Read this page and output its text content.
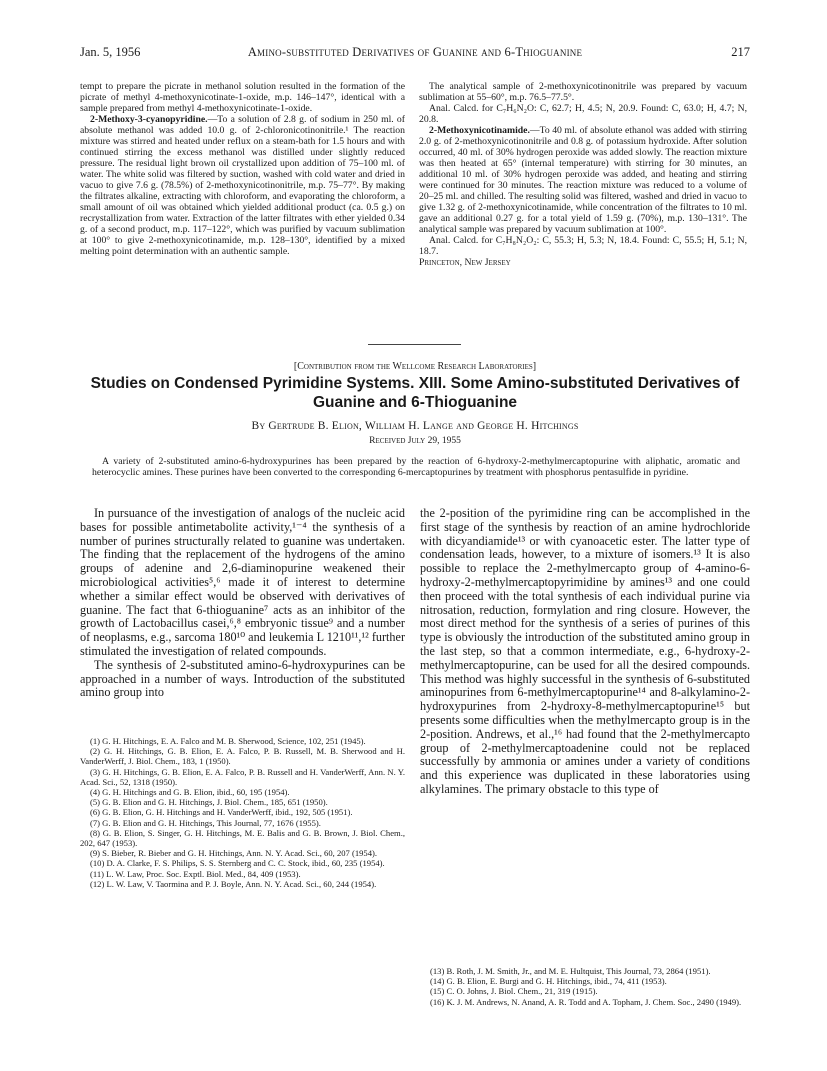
Jan. 5, 1956	Amino-substituted Derivatives of Guanine and 6-Thioguanine	217

tempt to prepare the picrate in methanol solution resulted in the formation of the picrate of methyl 4-methoxynicotinate-1-oxide, m.p. 146–147°, identical with a sample prepared from methyl 4-methoxynicotinate-1-oxide.

2-Methoxy-3-cyanopyridine.—To a solution of 2.8 g. of sodium in 250 ml. of absolute methanol was added 10.0 g. of 2-chloronicotinonitrile.¹ The reaction mixture was stirred and heated under reflux on a steam-bath for 1.5 hours and with continued stirring the excess methanol was distilled under slightly reduced pressure. The residual light brown oil crystallized upon addition of 75–100 ml. of water. The white solid was filtered by suction, washed with cold water and dried in vacuo to give 7.6 g. (78.5%) of 2-methoxynicotinonitrile, m.p. 75–77°. By making the filtrates alkaline, extracting with chloroform, and evaporating the chloroform, a small amount of oil was obtained which yielded additional product (ca. 0.5 g.) on recrystallization from water. Extraction of the latter filtrates with ether yielded 0.34 g. of a second product, m.p. 117–122°, which was purified by vacuum sublimation at 100° to give 2-methoxynicotinamide, m.p. 128–130°, identified by a mixed melting point determination with an authentic sample.

The analytical sample of 2-methoxynicotinonitrile was prepared by vacuum sublimation at 55–60°, m.p. 76.5–77.5°.

Anal. Calcd. for C₇H₆N₂O: C, 62.7; H, 4.5; N, 20.9. Found: C, 63.0; H, 4.7; N, 20.8.

2-Methoxynicotinamide.—To 40 ml. of absolute ethanol was added with stirring 2.0 g. of 2-methoxynicotinonitrile and 0.8 g. of potassium hydroxide. After solution occurred, 40 ml. of 30% hydrogen peroxide was added slowly. The reaction mixture was then heated at 65° (internal temperature) with stirring for 30 minutes, an additional 10 ml. of 30% hydrogen peroxide was added, and heating and stirring were continued for 30 minutes. The reaction mixture was reduced to a volume of 20–25 ml. and chilled. The resulting solid was filtered, washed and dried in vacuo to give 1.32 g. of 2-methoxynicotinamide, while concentration of the filtrates to 10 ml. gave an additional 0.27 g. for a total yield of 1.59 g. (70%), m.p. 130–131°. The analytical sample was prepared by vacuum sublimation at 100°.

Anal. Calcd. for C₇H₈N₂O₂: C, 55.3; H, 5.3; N, 18.4. Found: C, 55.5; H, 5.1; N, 18.7.

Princeton, New Jersey

[Contribution from the Wellcome Research Laboratories]
Studies on Condensed Pyrimidine Systems. XIII. Some Amino-substituted Derivatives of Guanine and 6-Thioguanine
By Gertrude B. Elion, William H. Lange and George H. Hitchings
Received July 29, 1955

A variety of 2-substituted amino-6-hydroxypurines has been prepared by the reaction of 6-hydroxy-2-methylmercaptopurine with aliphatic, aromatic and heterocyclic amines. These purines have been converted to the corresponding 6-mercaptopurines by treatment with phosphorus pentasulfide in pyridine.

In pursuance of the investigation of analogs of the nucleic acid bases for possible antimetabolite activity,¹⁻⁴ the synthesis of a number of purines structurally related to guanine was undertaken. The finding that the replacement of the hydrogens of the amino groups of adenine and 2,6-diaminopurine weakened their microbiological activities⁵,⁶ made it of interest to determine whether a similar effect would be observed with derivatives of guanine. The fact that 6-thioguanine⁷ acts as an inhibitor of the growth of Lactobacillus casei,⁶,⁸ embryonic tissue⁹ and a number of neoplasms, e.g., sarcoma 180¹⁰ and leukemia L 1210¹¹,¹² further stimulated the investigation of related compounds.

The synthesis of 2-substituted amino-6-hydroxypurines can be approached in a number of ways. Introduction of the substituted amino group into

the 2-position of the pyrimidine ring can be accomplished in the first stage of the synthesis by reaction of an amine hydrochloride with dicyandiamide¹³ or with cyanoacetic ester. The latter type of condensation leads, however, to a mixture of isomers.¹³ It is also possible to replace the 2-methylmercapto group of 4-amino-6-hydroxy-2-methylmercaptopyrimidine by amines¹³ and one could then proceed with the total synthesis of each individual purine via nitrosation, reduction, formylation and ring closure. However, the most direct method for the synthesis of a series of purines of this type is obviously the introduction of the substituted amino group in the last step, so that a common intermediate, e.g., 6-hydroxy-2-methylmercaptopurine, can be used for all the desired compounds. This method was highly successful in the synthesis of 6-substituted aminopurines from 6-methylmercaptopurine¹⁴ and 8-alkylamino-2-hydroxypurines from 2-hydroxy-8-methylmercaptopurine¹⁵ but presents some difficulties when the methylmercapto group is in the 2-position. Andrews, et al.,¹⁶ had found that the 2-methylmercapto group of 2-methylmercaptoadenine could not be replaced successfully by ammonia or amines under a variety of conditions and this experience was duplicated in these laboratories using alkylamines. The primary obstacle to this type of

(1) G. H. Hitchings, E. A. Falco and M. B. Sherwood, Science, 102, 251 (1945).

(2) G. H. Hitchings, G. B. Elion, E. A. Falco, P. B. Russell, M. B. Sherwood and H. VanderWerff, J. Biol. Chem., 183, 1 (1950).

(3) G. H. Hitchings, G. B. Elion, E. A. Falco, P. B. Russell and H. VanderWerff, Ann. N. Y. Acad. Sci., 52, 1318 (1950).

(4) G. H. Hitchings and G. B. Elion, ibid., 60, 195 (1954).

(5) G. B. Elion and G. H. Hitchings, J. Biol. Chem., 185, 651 (1950).

(6) G. B. Elion, G. H. Hitchings and H. VanderWerff, ibid., 192, 505 (1951).

(7) G. B. Elion and G. H. Hitchings, This Journal, 77, 1676 (1955).

(8) G. B. Elion, S. Singer, G. H. Hitchings, M. E. Balis and G. B. Brown, J. Biol. Chem., 202, 647 (1953).

(9) S. Bieber, R. Bieber and G. H. Hitchings, Ann. N. Y. Acad. Sci., 60, 207 (1954).

(10) D. A. Clarke, F. S. Philips, S. S. Sternberg and C. C. Stock, ibid., 60, 235 (1954).

(11) L. W. Law, Proc. Soc. Exptl. Biol. Med., 84, 409 (1953).

(12) L. W. Law, V. Taormina and P. J. Boyle, Ann. N. Y. Acad. Sci., 60, 244 (1954).

(13) B. Roth, J. M. Smith, Jr., and M. E. Hultquist, This Journal, 73, 2864 (1951).

(14) G. B. Elion, E. Burgi and G. H. Hitchings, ibid., 74, 411 (1953).

(15) C. O. Johns, J. Biol. Chem., 21, 319 (1915).

(16) K. J. M. Andrews, N. Anand, A. R. Todd and A. Topham, J. Chem. Soc., 2490 (1949).
